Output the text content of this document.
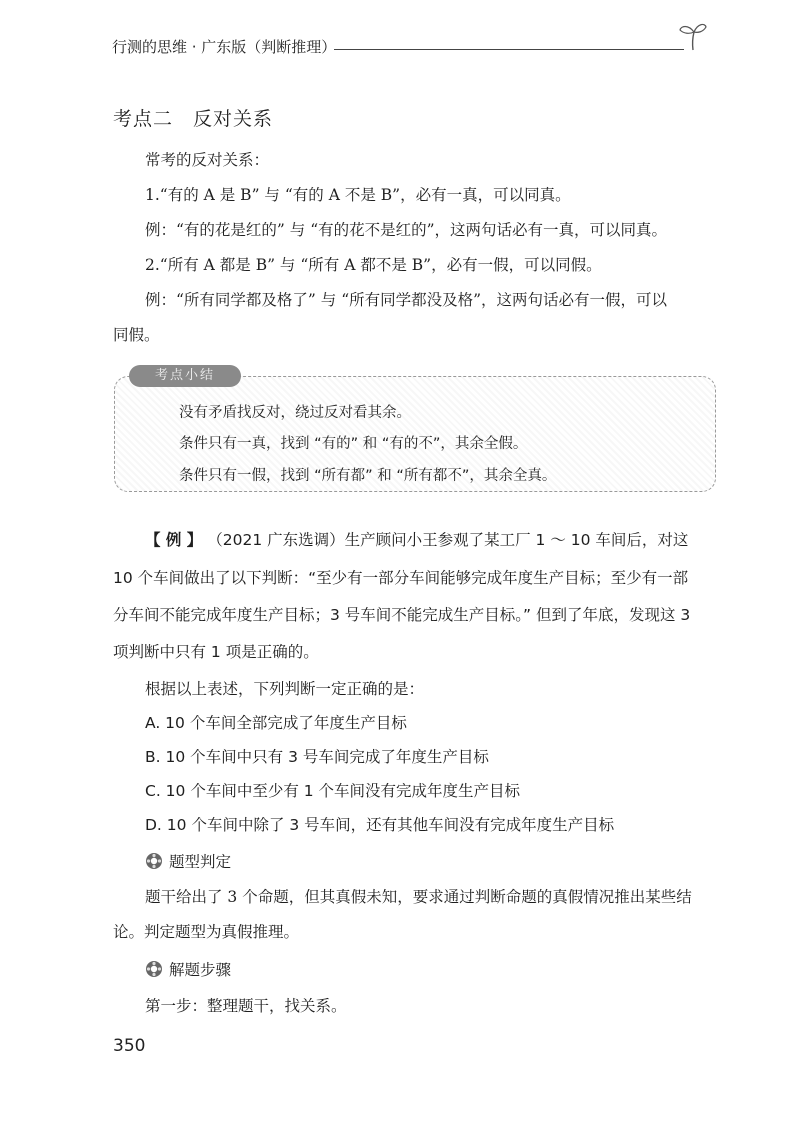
行测的思维 · 广东版（判断推理）
考点二　反对关系
常考的反对关系：
1.“有的 A 是 B” 与 “有的 A 不是 B”，必有一真，可以同真。
例：“有的花是红的” 与 “有的花不是红的”，这两句话必有一真，可以同真。
2.“所有 A 都是 B” 与 “所有 A 都不是 B”，必有一假，可以同假。
例：“所有同学都及格了” 与 “所有同学都没及格”，这两句话必有一假，可以
同假。
考点小结
没有矛盾找反对，绕过反对看其余。
条件只有一真，找到 “有的” 和 “有的不”，其余全假。
条件只有一假，找到 “所有都” 和 “所有都不”，其余全真。
【 例 】 （2021 广东选调）生产顾问小王参观了某工厂 1 ～ 10 车间后，对这
10 个车间做出了以下判断：“至少有一部分车间能够完成年度生产目标；至少有一部
分车间不能完成年度生产目标；3 号车间不能完成生产目标。” 但到了年底，发现这 3
项判断中只有 1 项是正确的。
根据以上表述，下列判断一定正确的是：
A. 10 个车间全部完成了年度生产目标
B. 10 个车间中只有 3 号车间完成了年度生产目标
C. 10 个车间中至少有 1 个车间没有完成年度生产目标
D. 10 个车间中除了 3 号车间，还有其他车间没有完成年度生产目标
题型判定
题干给出了 3 个命题，但其真假未知，要求通过判断命题的真假情况推出某些结
论。判定题型为真假推理。
解题步骤
第一步：整理题干，找关系。
350
